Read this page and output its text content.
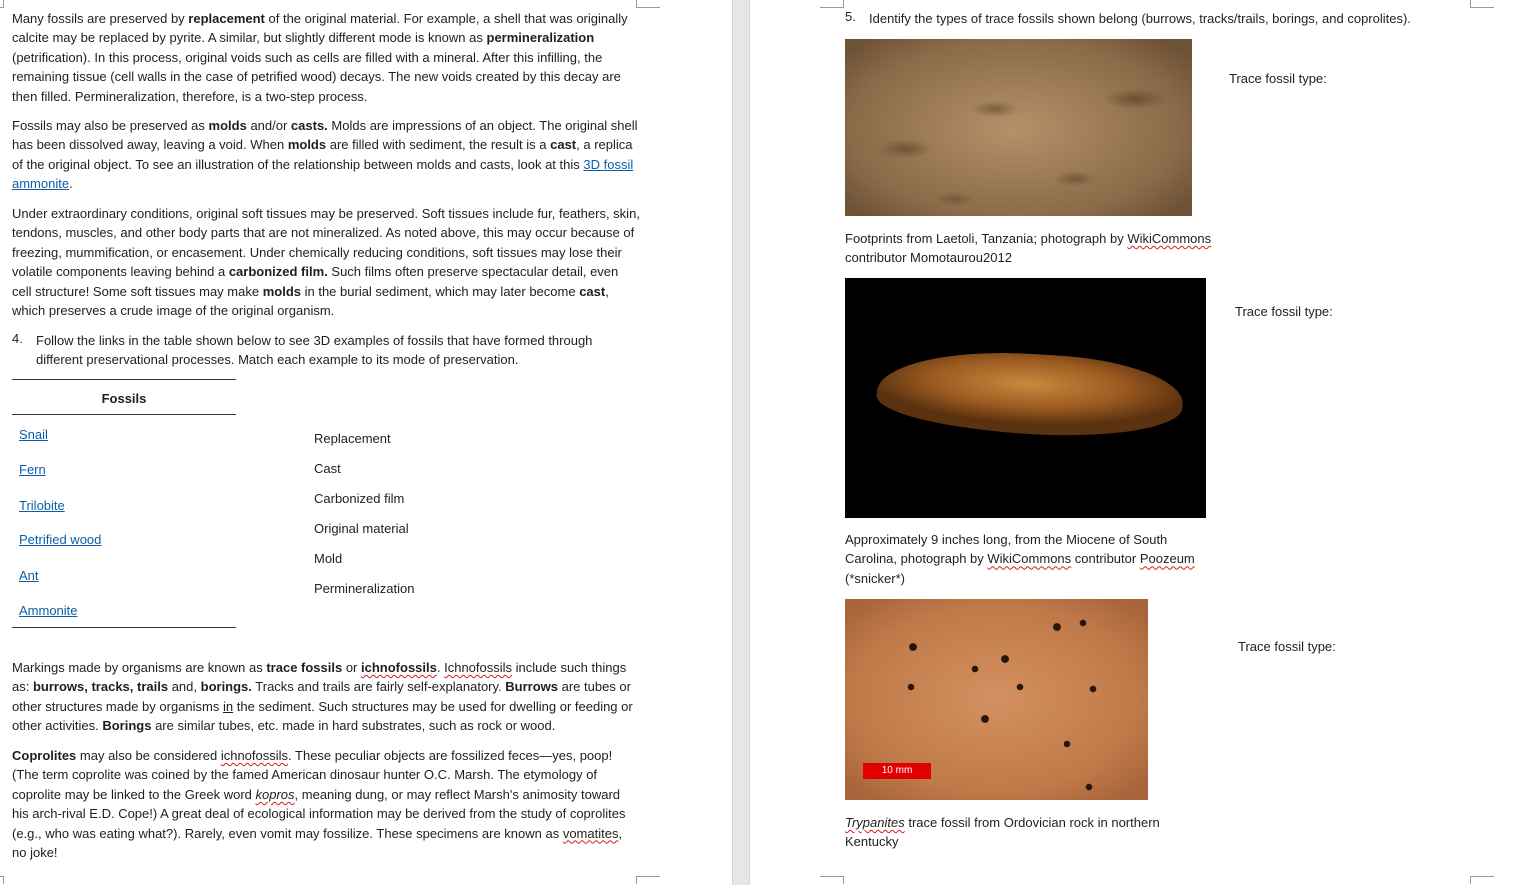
Many fossils are preserved by replacement of the original material. For example, a shell that was originally calcite may be replaced by pyrite. A similar, but slightly different mode is known as permineralization (petrification). In this process, original voids such as cells are filled with a mineral. After this infilling, the remaining tissue (cell walls in the case of petrified wood) decays. The new voids created by this decay are then filled. Permineralization, therefore, is a two-step process.

Fossils may also be preserved as molds and/or casts. Molds are impressions of an object. The original shell has been dissolved away, leaving a void. When molds are filled with sediment, the result is a cast, a replica of the original object. To see an illustration of the relationship between molds and casts, look at this 3D fossil ammonite.

Under extraordinary conditions, original soft tissues may be preserved. Soft tissues include fur, feathers, skin, tendons, muscles, and other body parts that are not mineralized. As noted above, this may occur because of freezing, mummification, or encasement. Under chemically reducing conditions, soft tissues may lose their volatile components leaving behind a carbonized film. Such films often preserve spectacular detail, even cell structure! Some soft tissues may make molds in the burial sediment, which may later become cast, which preserves a crude image of the original organism.

4.	Follow the links in the table shown below to see 3D examples of fossils that have formed through different preservational processes. Match each example to its mode of preservation.

Fossils
Snail
Fern
Trilobite
Petrified wood
Ant
Ammonite
Replacement
Cast
Carbonized film
Original material
Mold
Permineralization

Markings made by organisms are known as trace fossils or ichnofossils. Ichnofossils include such things as: burrows, tracks, trails and, borings. Tracks and trails are fairly self-explanatory. Burrows are tubes or other structures made by organisms in the sediment. Such structures may be used for dwelling or feeding or other activities. Borings are similar tubes, etc. made in hard substrates, such as rock or wood.

Coprolites may also be considered ichnofossils. These peculiar objects are fossilized feces—yes, poop! (The term coprolite was coined by the famed American dinosaur hunter O.C. Marsh. The etymology of coprolite may be linked to the Greek word kopros, meaning dung, or may reflect Marsh's animosity toward his arch-rival E.D. Cope!) A great deal of ecological information may be derived from the study of coprolites (e.g., who was eating what?). Rarely, even vomit may fossilize. These specimens are known as vomatites, no joke!

5.	Identify the types of trace fossils shown belong (burrows, tracks/trails, borings, and coprolites).

Trace fossil type:

Footprints from Laetoli, Tanzania; photograph by WikiCommons contributor Momotaurou2012

Trace fossil type:

Approximately 9 inches long, from the Miocene of South Carolina, photograph by WikiCommons contributor Poozeum (*snicker*)

10 mm
Trace fossil type:

Trypanites trace fossil from Ordovician rock in northern Kentucky
